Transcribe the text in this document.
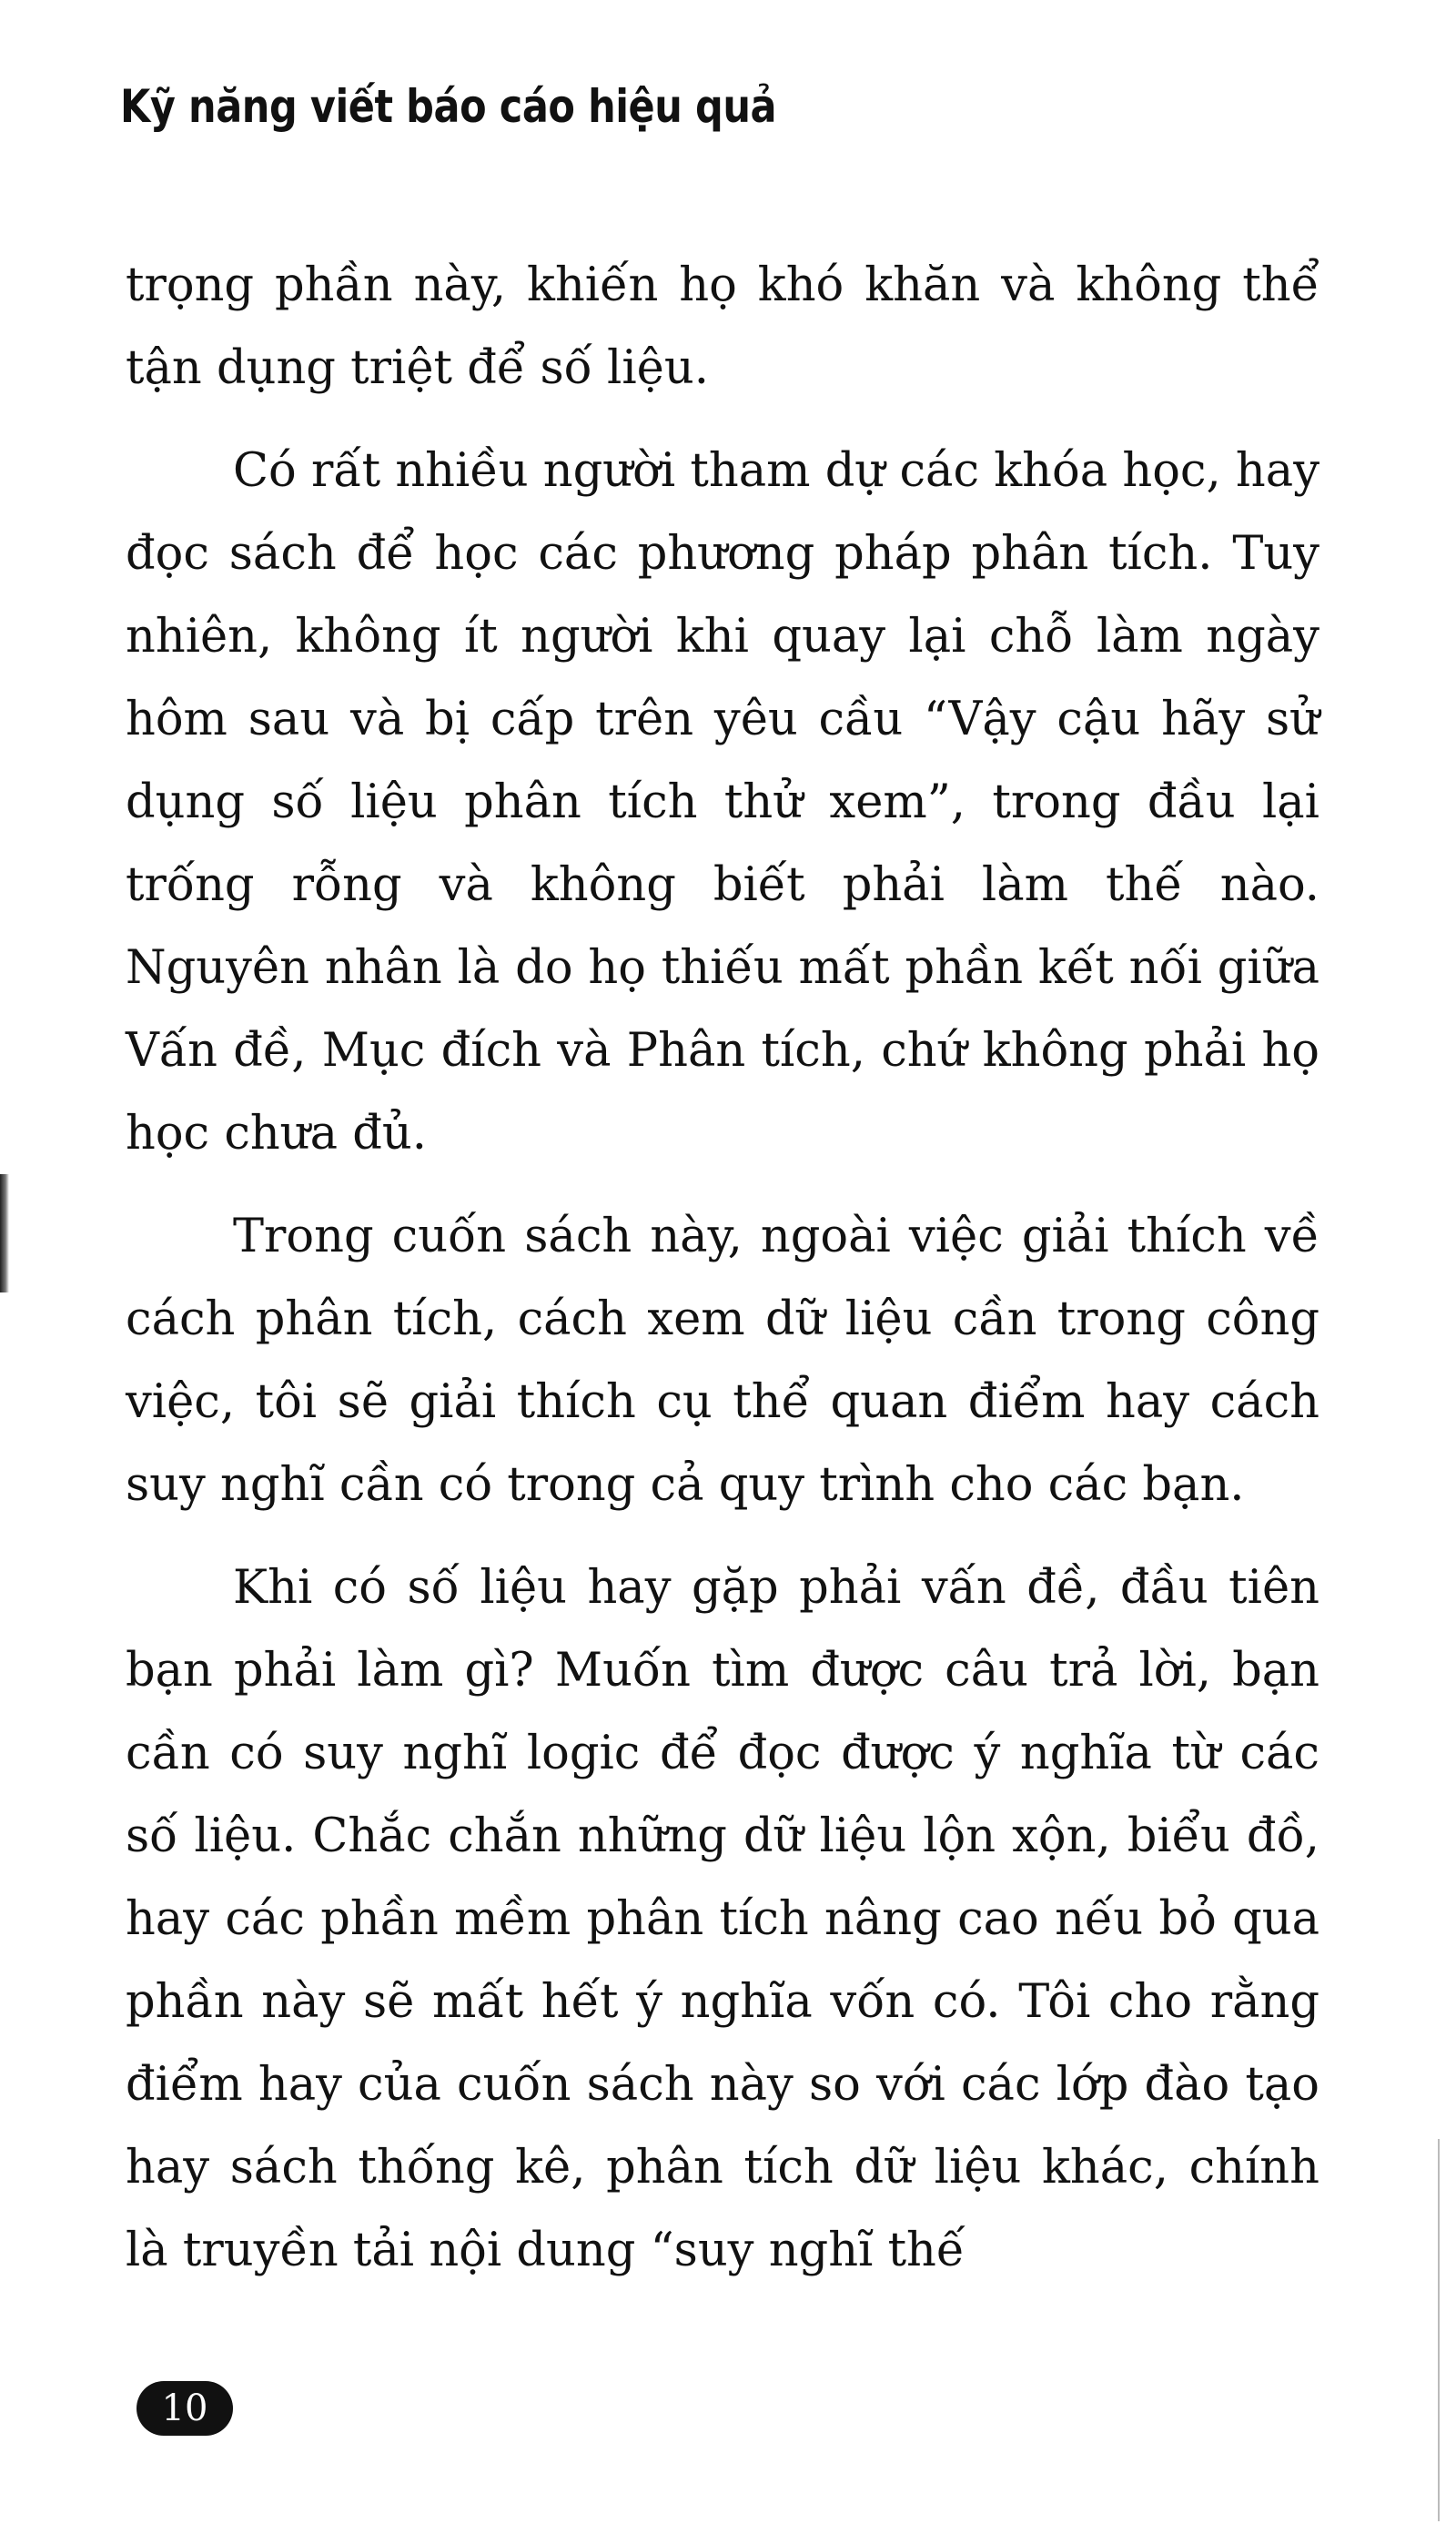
Kỹ năng viết báo cáo hiệu quả

trọng phần này, khiến họ khó khăn và không thể tận dụng triệt để số liệu.

Có rất nhiều người tham dự các khóa học, hay đọc sách để học các phương pháp phân tích. Tuy nhiên, không ít người khi quay lại chỗ làm ngày hôm sau và bị cấp trên yêu cầu “Vậy cậu hãy sử dụng số liệu phân tích thử xem”, trong đầu lại trống rỗng và không biết phải làm thế nào. Nguyên nhân là do họ thiếu mất phần kết nối giữa Vấn đề, Mục đích và Phân tích, chứ không phải họ học chưa đủ.

Trong cuốn sách này, ngoài việc giải thích về cách phân tích, cách xem dữ liệu cần trong công việc, tôi sẽ giải thích cụ thể quan điểm hay cách suy nghĩ cần có trong cả quy trình cho các bạn.

Khi có số liệu hay gặp phải vấn đề, đầu tiên bạn phải làm gì? Muốn tìm được câu trả lời, bạn cần có suy nghĩ logic để đọc được ý nghĩa từ các số liệu. Chắc chắn những dữ liệu lộn xộn, biểu đồ, hay các phần mềm phân tích nâng cao nếu bỏ qua phần này sẽ mất hết ý nghĩa vốn có. Tôi cho rằng điểm hay của cuốn sách này so với các lớp đào tạo hay sách thống kê, phân tích dữ liệu khác, chính là truyền tải nội dung “suy nghĩ thế

10
